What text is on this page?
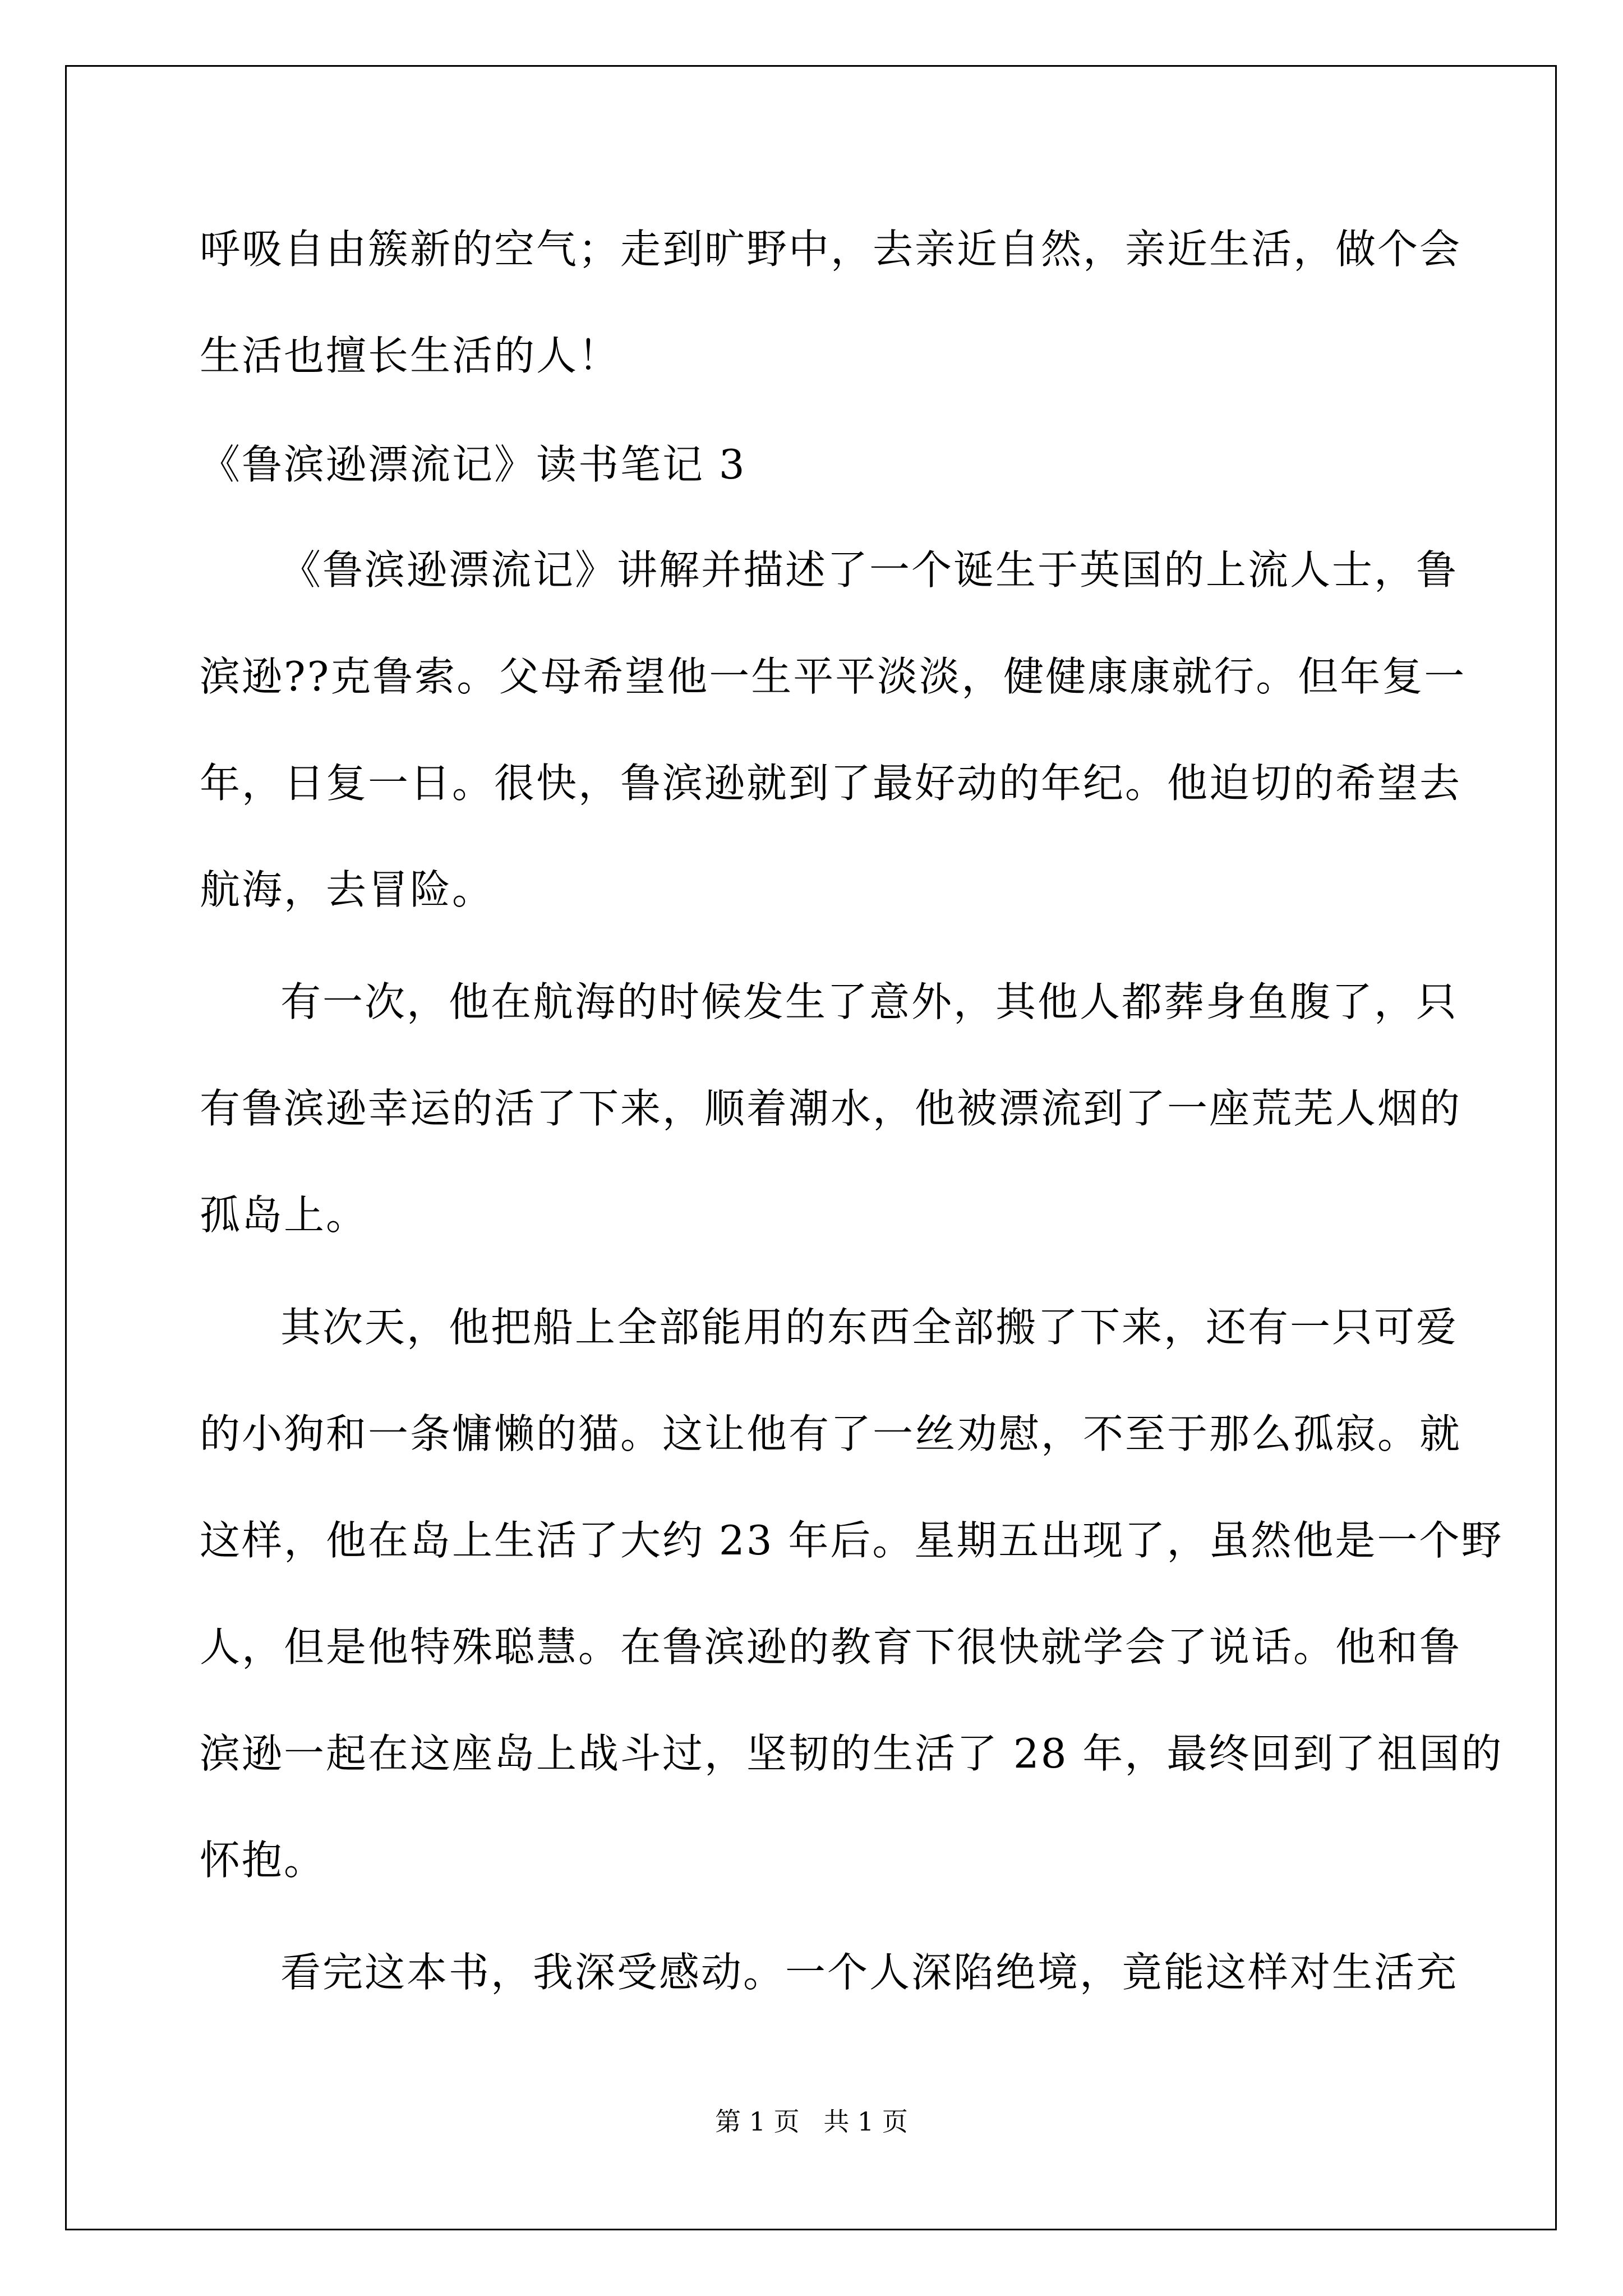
呼吸自由簇新的空气；走到旷野中，去亲近自然，亲近生活，做个会
生活也擅长生活的人！
《鲁滨逊漂流记》读书笔记 3
《鲁滨逊漂流记》讲解并描述了一个诞生于英国的上流人士，鲁
滨逊??克鲁索。父母希望他一生平平淡淡，健健康康就行。但年复一
年，日复一日。很快，鲁滨逊就到了最好动的年纪。他迫切的希望去
航海，去冒险。
有一次，他在航海的时候发生了意外，其他人都葬身鱼腹了，只
有鲁滨逊幸运的活了下来，顺着潮水，他被漂流到了一座荒芜人烟的
孤岛上。
其次天，他把船上全部能用的东西全部搬了下来，还有一只可爱
的小狗和一条慵懒的猫。这让他有了一丝劝慰，不至于那么孤寂。就
这样，他在岛上生活了大约 23 年后。星期五出现了，虽然他是一个野
人，但是他特殊聪慧。在鲁滨逊的教育下很快就学会了说话。他和鲁
滨逊一起在这座岛上战斗过，坚韧的生活了 28 年，最终回到了祖国的
怀抱。
看完这本书，我深受感动。一个人深陷绝境，竟能这样对生活充
第 1 页 共 1 页
